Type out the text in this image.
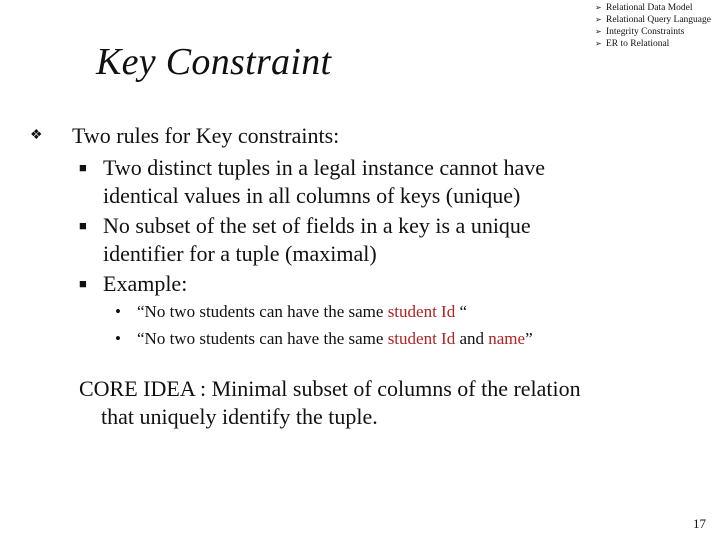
Key Constraint
➢ Relational Data Model
➢ Relational Query Language
➢ Integrity Constraints
➢ ER to Relational
❖ Two rules for Key constraints:
■ Two distinct tuples in a legal instance cannot have
identical values in all columns of keys (unique)
■ No subset of the set of fields in a key is a unique
identifier for a tuple (maximal)
■ Example:
• “No two students can have the same student Id “
• “No two students can have the same student Id and name”
CORE IDEA : Minimal subset of columns of the relation
that uniquely identify the tuple.
17
